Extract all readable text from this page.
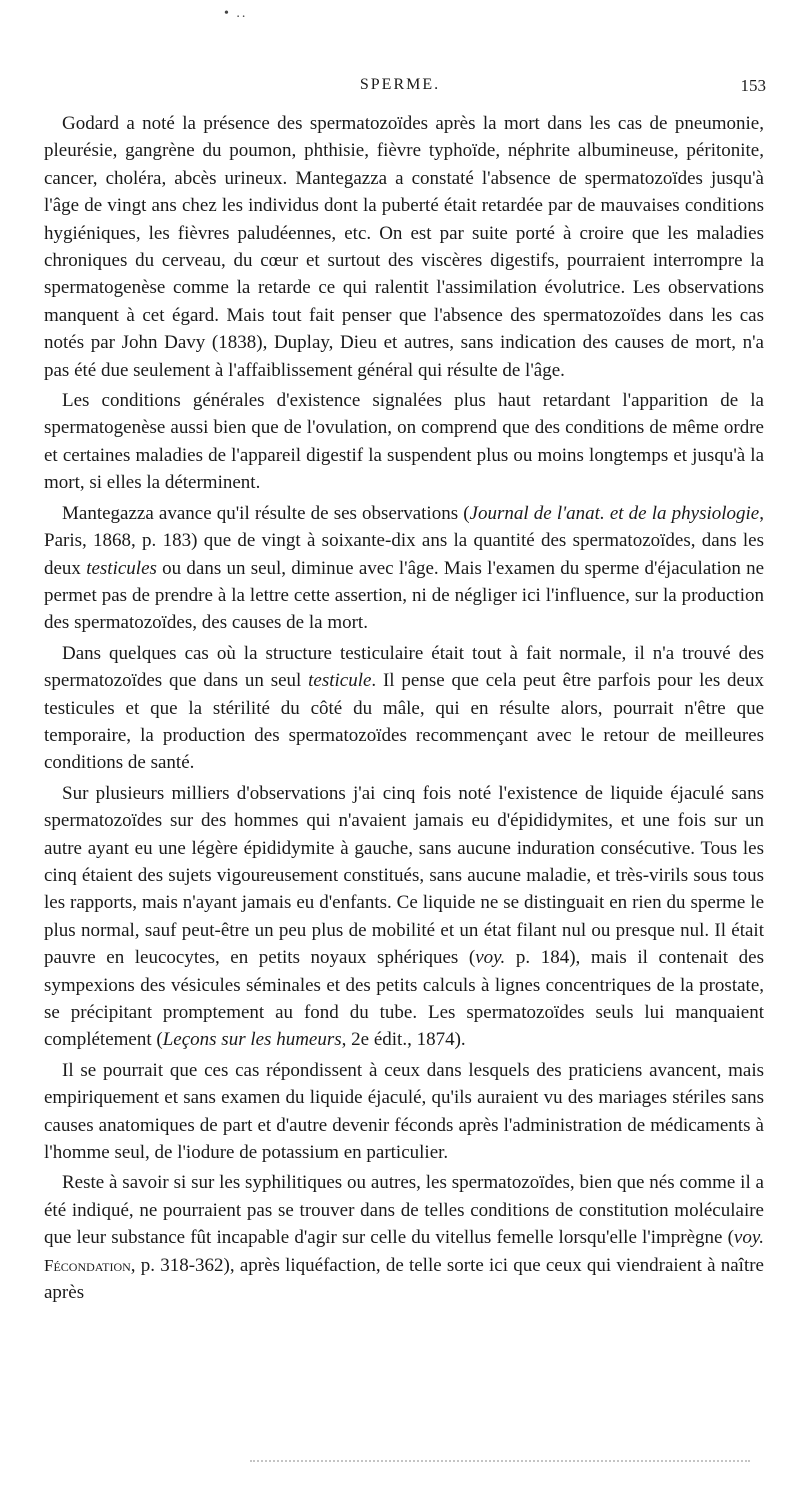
• ..
SPERME.	153

Godard a noté la présence des spermatozoïdes après la mort dans les cas de pneumonie, pleurésie, gangrène du poumon, phthisie, fièvre typhoïde, néphrite albumineuse, péritonite, cancer, choléra, abcès urineux. Mantegazza a constaté l'absence de spermatozoïdes jusqu'à l'âge de vingt ans chez les individus dont la puberté était retardée par de mauvaises conditions hygiéniques, les fièvres paludéennes, etc. On est par suite porté à croire que les maladies chroniques du cerveau, du cœur et surtout des viscères digestifs, pourraient interrompre la spermatogenèse comme la retarde ce qui ralentit l'assimilation évolutrice. Les observations manquent à cet égard. Mais tout fait penser que l'absence des spermatozoïdes dans les cas notés par John Davy (1838), Duplay, Dieu et autres, sans indication des causes de mort, n'a pas été due seulement à l'affaiblissement général qui résulte de l'âge.

Les conditions générales d'existence signalées plus haut retardant l'apparition de la spermatogenèse aussi bien que de l'ovulation, on comprend que des conditions de même ordre et certaines maladies de l'appareil digestif la suspendent plus ou moins longtemps et jusqu'à la mort, si elles la déterminent.

Mantegazza avance qu'il résulte de ses observations (Journal de l'anat. et de la physiologie, Paris, 1868, p. 183) que de vingt à soixante-dix ans la quantité des spermatozoïdes, dans les deux testicules ou dans un seul, diminue avec l'âge. Mais l'examen du sperme d'éjaculation ne permet pas de prendre à la lettre cette assertion, ni de négliger ici l'influence, sur la production des spermatozoïdes, des causes de la mort.

Dans quelques cas où la structure testiculaire était tout à fait normale, il n'a trouvé des spermatozoïdes que dans un seul testicule. Il pense que cela peut être parfois pour les deux testicules et que la stérilité du côté du mâle, qui en résulte alors, pourrait n'être que temporaire, la production des spermatozoïdes recommençant avec le retour de meilleures conditions de santé.

Sur plusieurs milliers d'observations j'ai cinq fois noté l'existence de liquide éjaculé sans spermatozoïdes sur des hommes qui n'avaient jamais eu d'épididymites, et une fois sur un autre ayant eu une légère épididymite à gauche, sans aucune induration consécutive. Tous les cinq étaient des sujets vigoureusement constitués, sans aucune maladie, et très-virils sous tous les rapports, mais n'ayant jamais eu d'enfants. Ce liquide ne se distinguait en rien du sperme le plus normal, sauf peut-être un peu plus de mobilité et un état filant nul ou presque nul. Il était pauvre en leucocytes, en petits noyaux sphériques (voy. p. 184), mais il contenait des sympexions des vésicules séminales et des petits calculs à lignes concentriques de la prostate, se précipitant promptement au fond du tube. Les spermatozoïdes seuls lui manquaient complétement (Leçons sur les humeurs, 2e édit., 1874).

Il se pourrait que ces cas répondissent à ceux dans lesquels des praticiens avancent, mais empiriquement et sans examen du liquide éjaculé, qu'ils auraient vu des mariages stériles sans causes anatomiques de part et d'autre devenir féconds après l'administration de médicaments à l'homme seul, de l'iodure de potassium en particulier.

Reste à savoir si sur les syphilitiques ou autres, les spermatozoïdes, bien que nés comme il a été indiqué, ne pourraient pas se trouver dans de telles conditions de constitution moléculaire que leur substance fût incapable d'agir sur celle du vitellus femelle lorsqu'elle l'imprègne (voy. Fécondation, p. 318-362), après liquéfaction, de telle sorte ici que ceux qui viendraient à naître après
